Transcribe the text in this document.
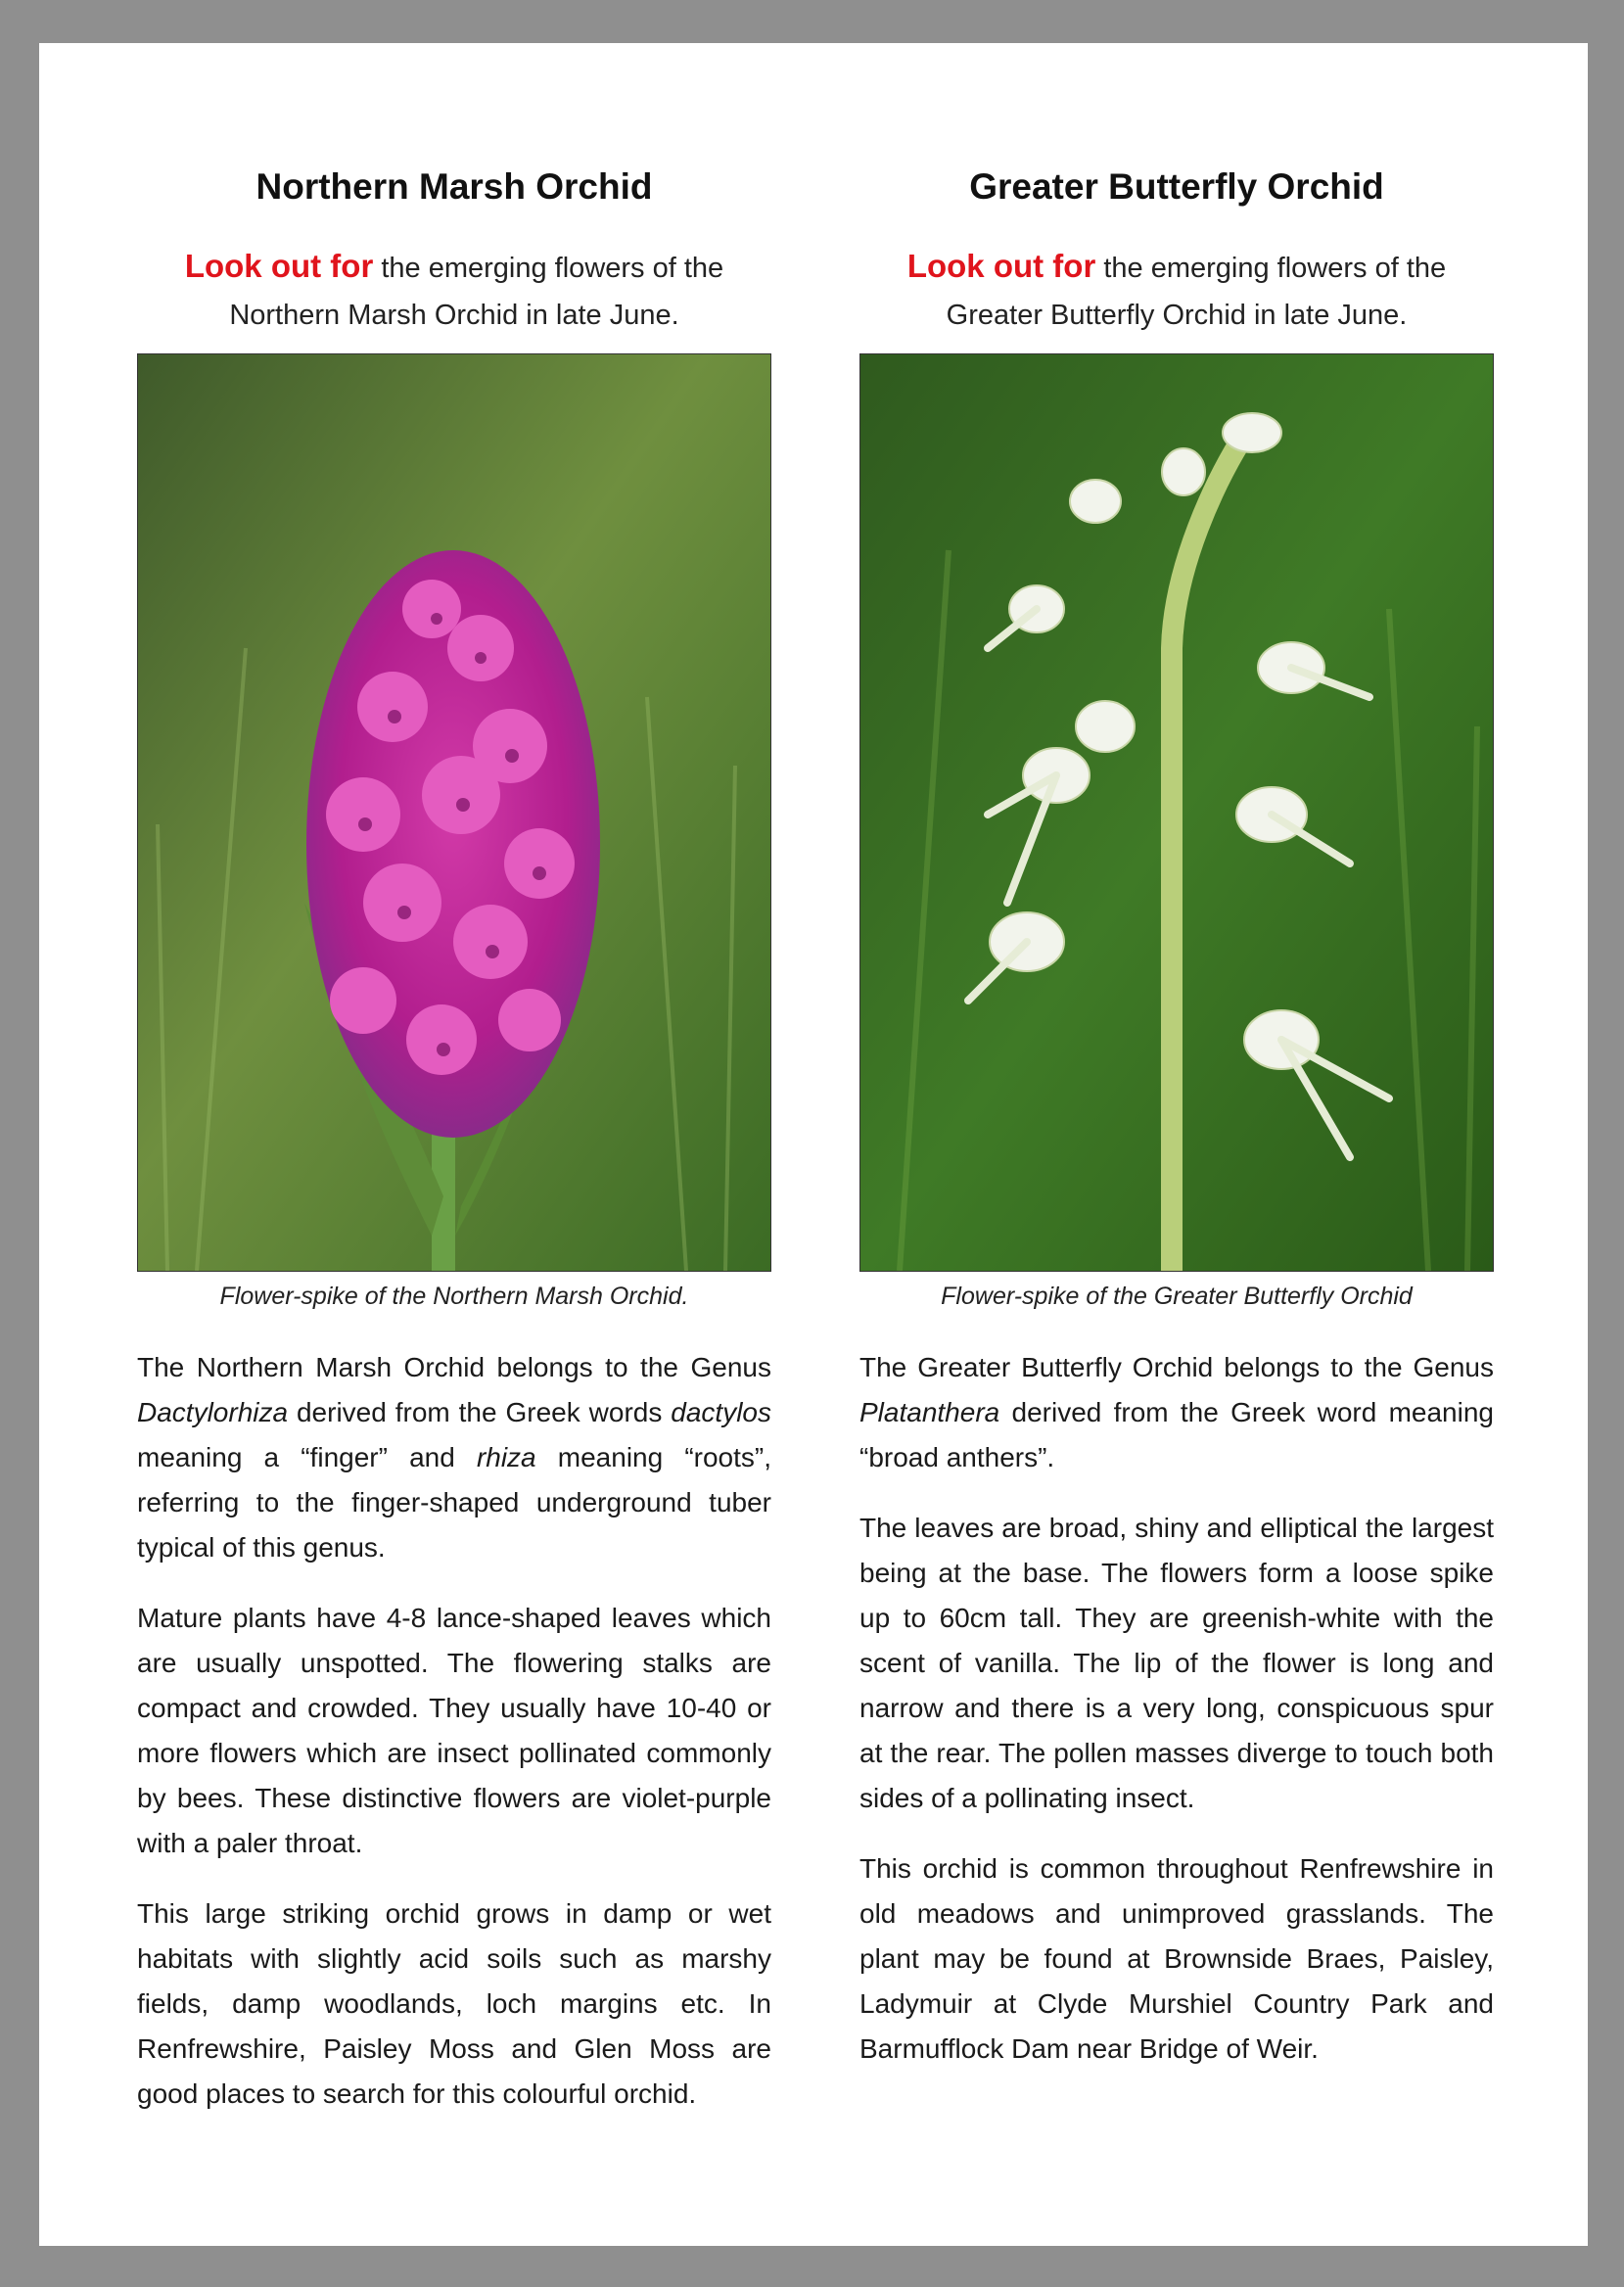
Northern Marsh Orchid
Look out for the emerging flowers of the Northern Marsh Orchid in late June.
Flower-spike of the Northern Marsh Orchid.

The Northern Marsh Orchid belongs to the Genus Dactylorhiza derived from the Greek words dactylos meaning a “finger” and rhiza meaning “roots”, referring to the finger-shaped underground tuber typical of this genus.

Mature plants have 4-8 lance-shaped leaves which are usually unspotted. The flowering stalks are compact and crowded. They usually have 10-40 or more flowers which are insect pollinated commonly by bees. These distinctive flowers are violet-purple with a paler throat.

This large striking orchid grows in damp or wet habitats with slightly acid soils such as marshy fields, damp woodlands, loch margins etc. In Renfrewshire, Paisley Moss and Glen Moss are good places to search for this colourful orchid.

Greater Butterfly Orchid
Look out for the emerging flowers of the Greater Butterfly Orchid in late June.
Flower-spike of the Greater Butterfly Orchid

The Greater Butterfly Orchid belongs to the Genus Platanthera derived from the Greek word meaning “broad anthers”.

The leaves are broad, shiny and elliptical the largest being at the base. The flowers form a loose spike up to 60cm tall. They are greenish-white with the scent of vanilla. The lip of the flower is long and narrow and there is a very long, conspicuous spur at the rear. The pollen masses diverge to touch both sides of a pollinating insect.

This orchid is common throughout Renfrewshire in old meadows and unimproved grasslands. The plant may be found at Brownside Braes, Paisley, Ladymuir at Clyde Murshiel Country Park and Barmufflock Dam near Bridge of Weir.
